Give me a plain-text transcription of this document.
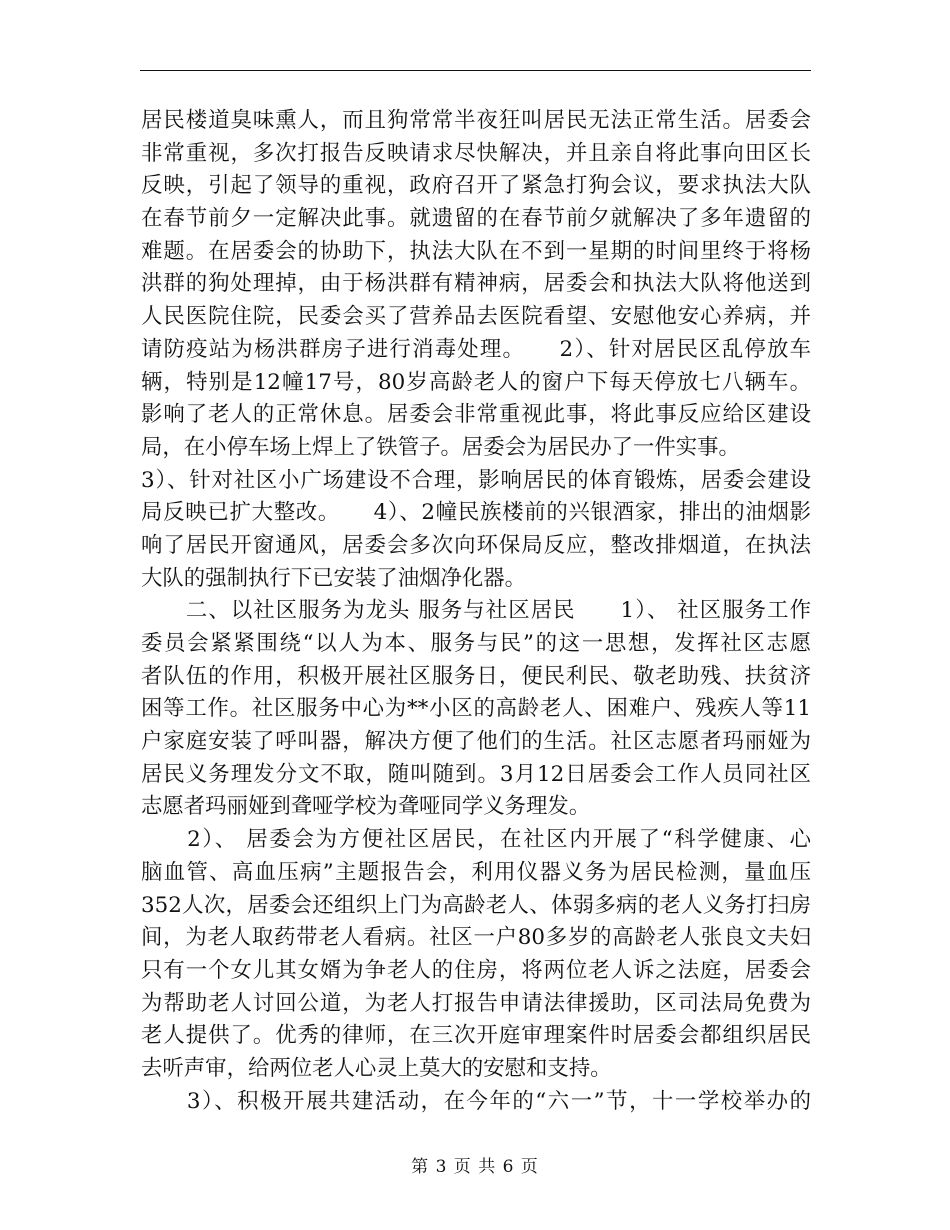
居民楼道臭味熏人，而且狗常常半夜狂叫居民无法正常生活。居委会
非常重视，多次打报告反映请求尽快解决，并且亲自将此事向田区长
反映，引起了领导的重视，政府召开了紧急打狗会议，要求执法大队
在春节前夕一定解决此事。就遗留的在春节前夕就解决了多年遗留的
难题。在居委会的协助下，执法大队在不到一星期的时间里终于将杨
洪群的狗处理掉，由于杨洪群有精神病，居委会和执法大队将他送到
人民医院住院，民委会买了营养品去医院看望、安慰他安心养病，并
请防疫站为杨洪群房子进行消毒处理。　　2）、针对居民区乱停放车
辆，特别是12幢17号，80岁高龄老人的窗户下每天停放七八辆车。
影响了老人的正常休息。居委会非常重视此事，将此事反应给区建设
局，在小停车场上焊上了铁管子。居委会为居民办了一件实事。
3）、针对社区小广场建设不合理，影响居民的体育锻炼，居委会建设
局反映已扩大整改。　　4）、2幢民族楼前的兴银酒家，排出的油烟影
响了居民开窗通风，居委会多次向环保局反应，整改排烟道，在执法
大队的强制执行下已安装了油烟净化器。
　　二、以社区服务为龙头 服务与社区居民　　1）、 社区服务工作
委员会紧紧围绕“以人为本、服务与民”的这一思想，发挥社区志愿
者队伍的作用，积极开展社区服务日，便民利民、敬老助残、扶贫济
困等工作。社区服务中心为**小区的高龄老人、困难户、残疾人等11
户家庭安装了呼叫器，解决方便了他们的生活。社区志愿者玛丽娅为
居民义务理发分文不取，随叫随到。3月12日居委会工作人员同社区
志愿者玛丽娅到聋哑学校为聋哑同学义务理发。
　　2）、 居委会为方便社区居民，在社区内开展了“科学健康、心
脑血管、高血压病”主题报告会，利用仪器义务为居民检测，量血压
352人次，居委会还组织上门为高龄老人、体弱多病的老人义务打扫房
间，为老人取药带老人看病。社区一户80多岁的高龄老人张良文夫妇
只有一个女儿其女婿为争老人的住房，将两位老人诉之法庭，居委会
为帮助老人讨回公道，为老人打报告申请法律援助，区司法局免费为
老人提供了。优秀的律师，在三次开庭审理案件时居委会都组织居民
去听声审，给两位老人心灵上莫大的安慰和支持。
　　3）、积极开展共建活动，在今年的“六一”节，十一学校举办的
第 3 页 共 6 页
